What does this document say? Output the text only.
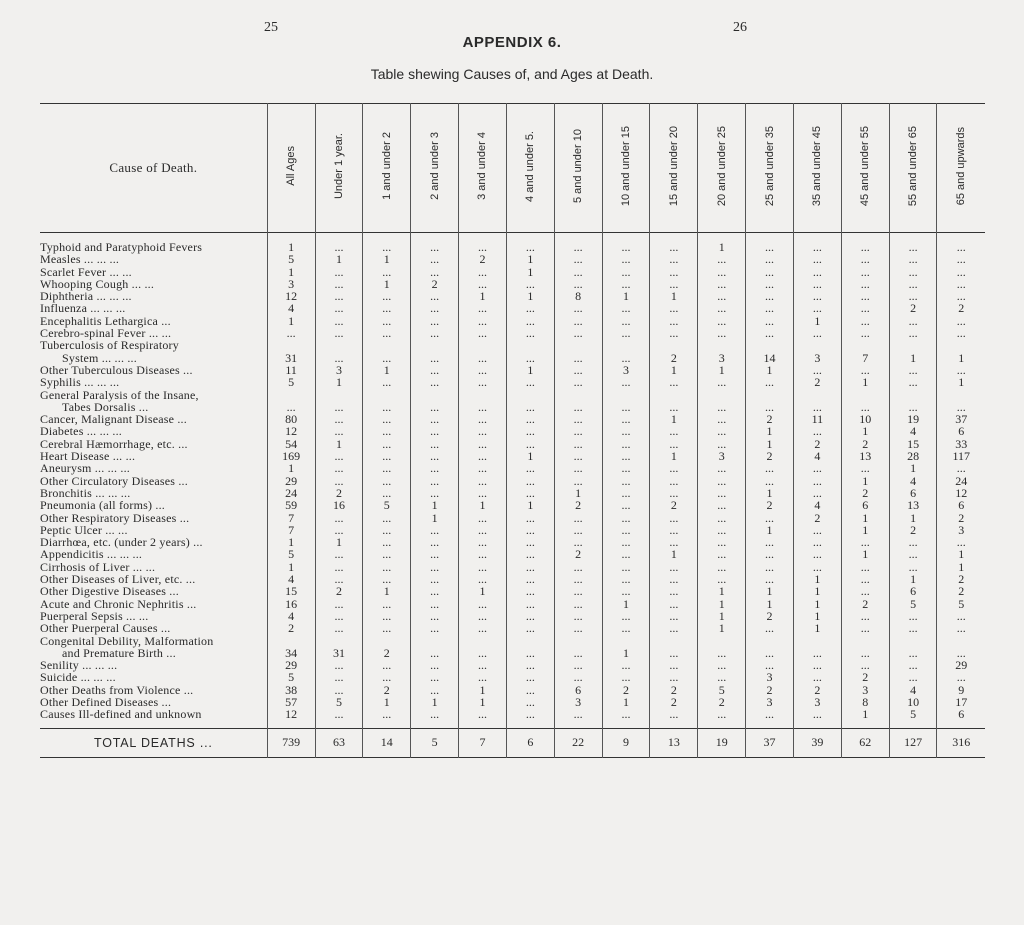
25	26
APPENDIX 6.
Table shewing Causes of, and Ages at Death.
Cause of Death.	All Ages	Under 1 year.	1 and under 2	2 and under 3	3 and under 4	4 and under 5.	5 and under 10	10 and under 15	15 and under 20	20 and under 25	25 and under 35	35 and under 45	45 and under 55	55 and under 65	65 and upwards
Typhoid and Paratyphoid Fevers	1	...	...	...	...	...	...	...	...	1	...	...	...	...	...
Measles ... ... ...	5	1	1	...	2	1	...	...	...	...	...	...	...	...	...
Scarlet Fever ... ...	1	...	...	...	...	1	...	...	...	...	...	...	...	...	...
Whooping Cough ... ...	3	...	1	2	...	...	...	...	...	...	...	...	...	...	...
Diphtheria ... ... ...	12	...	...	...	1	1	8	1	1	...	...	...	...	...	...
Influenza ... ... ...	4	...	...	...	...	...	...	...	...	...	...	...	...	2	2
Encephalitis Lethargica ...	1	...	...	...	...	...	...	...	...	...	...	1	...	...	...
Cerebro-spinal Fever ... ...	...	...	...	...	...	...	...	...	...	...	...	...	...	...	...
Tuberculosis of Respiratory															
System ... ... ...	31	...	...	...	...	...	...	...	2	3	14	3	7	1	1
Other Tuberculous Diseases ...	11	3	1	...	...	1	...	3	1	1	1	...	...	...	...
Syphilis ... ... ...	5	1	...	...	...	...	...	...	...	...	...	2	1	...	1
General Paralysis of the Insane,															
Tabes Dorsalis ...	...	...	...	...	...	...	...	...	...	...	...	...	...	...	...
Cancer, Malignant Disease ...	80	...	...	...	...	...	...	...	1	...	2	11	10	19	37
Diabetes ... ... ...	12	...	...	...	...	...	...	...	...	...	1	...	1	4	6
Cerebral Hæmorrhage, etc. ...	54	1	...	...	...	...	...	...	...	...	1	2	2	15	33
Heart Disease ... ...	169	...	...	...	...	1	...	...	1	3	2	4	13	28	117
Aneurysm ... ... ...	1	...	...	...	...	...	...	...	...	...	...	...	...	1	...
Other Circulatory Diseases ...	29	...	...	...	...	...	...	...	...	...	...	...	1	4	24
Bronchitis ... ... ...	24	2	...	...	...	...	1	...	...	...	1	...	2	6	12
Pneumonia (all forms) ...	59	16	5	1	1	1	2	...	2	...	2	4	6	13	6
Other Respiratory Diseases ...	7	...	...	1	...	...	...	...	...	...	...	2	1	1	2
Peptic Ulcer ... ...	7	...	...	...	...	...	...	...	...	...	1	...	1	2	3
Diarrhœa, etc. (under 2 years) ...	1	1	...	...	...	...	...	...	...	...	...	...	...	...	...
Appendicitis ... ... ...	5	...	...	...	...	...	2	...	1	...	...	...	1	...	1
Cirrhosis of Liver ... ...	1	...	...	...	...	...	...	...	...	...	...	...	...	...	1
Other Diseases of Liver, etc. ...	4	...	...	...	...	...	...	...	...	...	...	1	...	1	2
Other Digestive Diseases ...	15	2	1	...	1	...	...	...	...	1	1	1	...	6	2
Acute and Chronic Nephritis ...	16	...	...	...	...	...	...	1	...	1	1	1	2	5	5
Puerperal Sepsis ... ...	4	...	...	...	...	...	...	...	...	1	2	1	...	...	...
Other Puerperal Causes ...	2	...	...	...	...	...	...	...	...	1	...	1	...	...	...
Congenital Debility, Malformation															
and Premature Birth ...	34	31	2	...	...	...	...	1	...	...	...	...	...	...	...
Senility ... ... ...	29	...	...	...	...	...	...	...	...	...	...	...	...	...	29
Suicide ... ... ...	5	...	...	...	...	...	...	...	...	...	3	...	2	...	...
Other Deaths from Violence ...	38	...	2	...	1	...	6	2	2	5	2	2	3	4	9
Other Defined Diseases ...	57	5	1	1	1	...	3	1	2	2	3	3	8	10	17
Causes Ill-defined and unknown	12	...	...	...	...	...	...	...	...	...	...	...	1	5	6
TOTAL DEATHS ...	739	63	14	5	7	6	22	9	13	19	37	39	62	127	316
